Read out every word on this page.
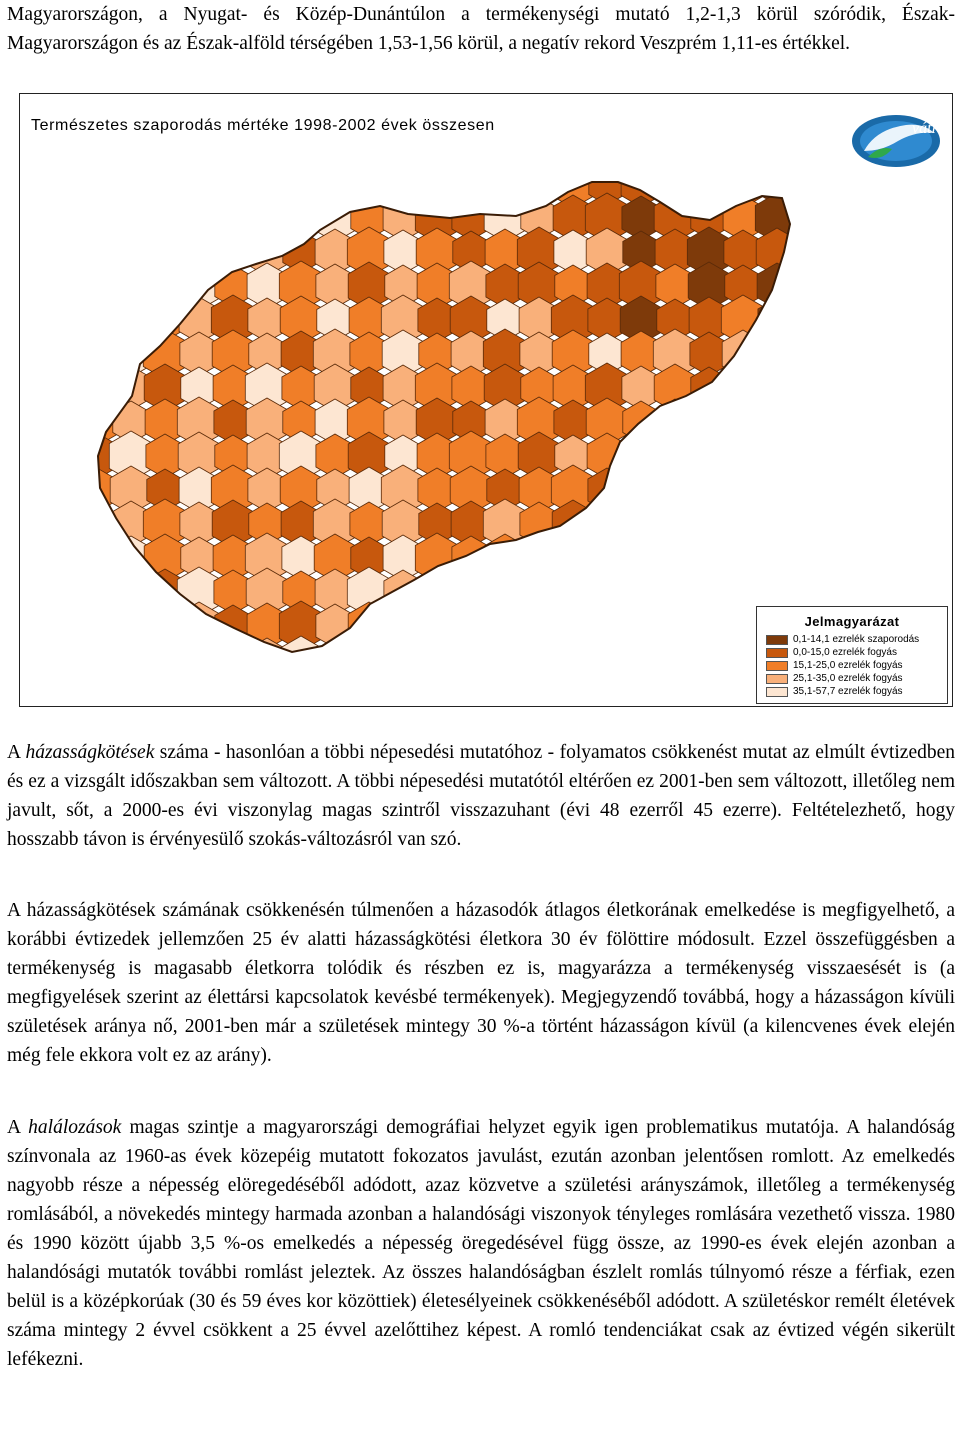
Magyarországon, a Nyugat- és Közép-Dunántúlon a termékenységi mutató 1,2-1,3 körül szóródik, Észak-Magyarországon és az Észak-alföld térségében 1,53-1,56 körül, a negatív rekord Veszprém 1,11-es értékkel.
Természetes szaporodás mértéke 1998-2002 évek összesen	váti
Jelmagyarázat
0,1-14,1 ezrelék szaporodás
0,0-15,0 ezrelék fogyás
15,1-25,0 ezrelék fogyás
25,1-35,0 ezrelék fogyás
35,1-57,7 ezrelék fogyás
A házasságkötések száma - hasonlóan a többi népesedési mutatóhoz - folyamatos csökkenést mutat az elmúlt évtizedben és ez a vizsgált időszakban sem változott. A többi népesedési mutatótól eltérően ez 2001-ben sem változott, illetőleg nem javult, sőt, a 2000-es évi viszonylag magas szintről visszazuhant (évi 48 ezerről 45 ezerre). Feltételezhető, hogy hosszabb távon is érvényesülő szokás-változásról van szó.
A házasságkötések számának csökkenésén túlmenően a házasodók átlagos életkorának emelkedése is megfigyelhető, a korábbi évtizedek jellemzően 25 év alatti házasságkötési életkora 30 év fölöttire módosult. Ezzel összefüggésben a termékenység is magasabb életkorra tolódik és részben ez is, magyarázza a termékenység visszaesését is (a megfigyelések szerint az élettársi kapcsolatok kevésbé termékenyek). Megjegyzendő továbbá, hogy a házasságon kívüli születések aránya nő, 2001-ben már a születések mintegy 30 %-a történt házasságon kívül (a kilencvenes évek elején még fele ekkora volt ez az arány).
A halálozások magas szintje a magyarországi demográfiai helyzet egyik igen problematikus mutatója. A halandóság színvonala az 1960-as évek közepéig mutatott fokozatos javulást, ezután azonban jelentősen romlott. Az emelkedés nagyobb része a népesség elöregedéséből adódott, azaz közvetve a születési arányszámok, illetőleg a termékenység romlásából, a növekedés mintegy harmada azonban a halandósági viszonyok tényleges romlására vezethető vissza. 1980 és 1990 között újabb 3,5 %-os emelkedés a népesség öregedésével függ össze, az 1990-es évek elején azonban a halandósági mutatók további romlást jeleztek. Az összes halandóságban észlelt romlás túlnyomó része a férfiak, ezen belül is a középkorúak (30 és 59 éves kor közöttiek) életesélyeinek csökkenéséből adódott. A születéskor remélt életévek száma mintegy 2 évvel csökkent a 25 évvel azelőttihez képest. A romló tendenciákat csak az évtized végén sikerült lefékezni.
